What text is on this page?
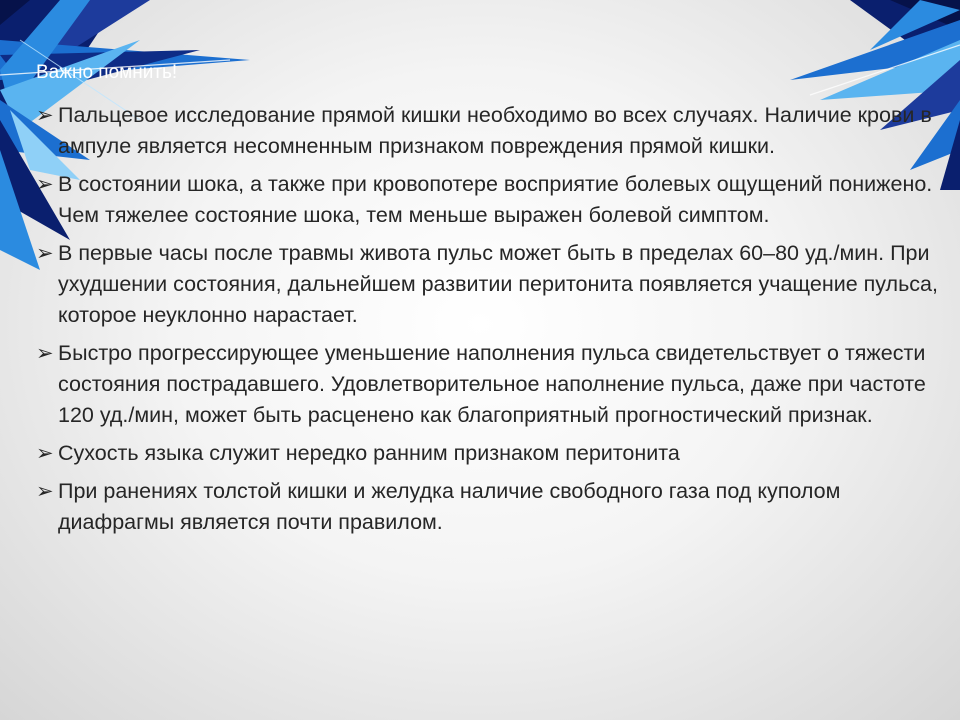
Важно помнить!
➢ Пальцевое исследование прямой кишки необходимо во всех случаях. Наличие крови в ампуле является несомненным признаком повреждения прямой кишки.
➢ В состоянии шока, а также при кровопотере восприятие болевых ощущений понижено. Чем тяжелее состояние шока, тем меньше выражен болевой симптом.
➢ В первые часы после травмы живота пульс может быть в пределах 60–80 уд./мин. При ухудшении состояния, дальнейшем развитии перитонита появляется учащение пульса, которое неуклонно нарастает.
➢ Быстро прогрессирующее уменьшение наполнения пульса свидетельствует о тяжести состояния пострадавшего. Удовлетворительное наполнение пульса, даже при частоте 120 уд./мин, может быть расценено как благоприятный прогностический признак.
➢ Сухость языка служит нередко ранним признаком перитонита
➢ При ранениях толстой кишки и желудка наличие свободного газа под куполом диафрагмы является почти правилом.
